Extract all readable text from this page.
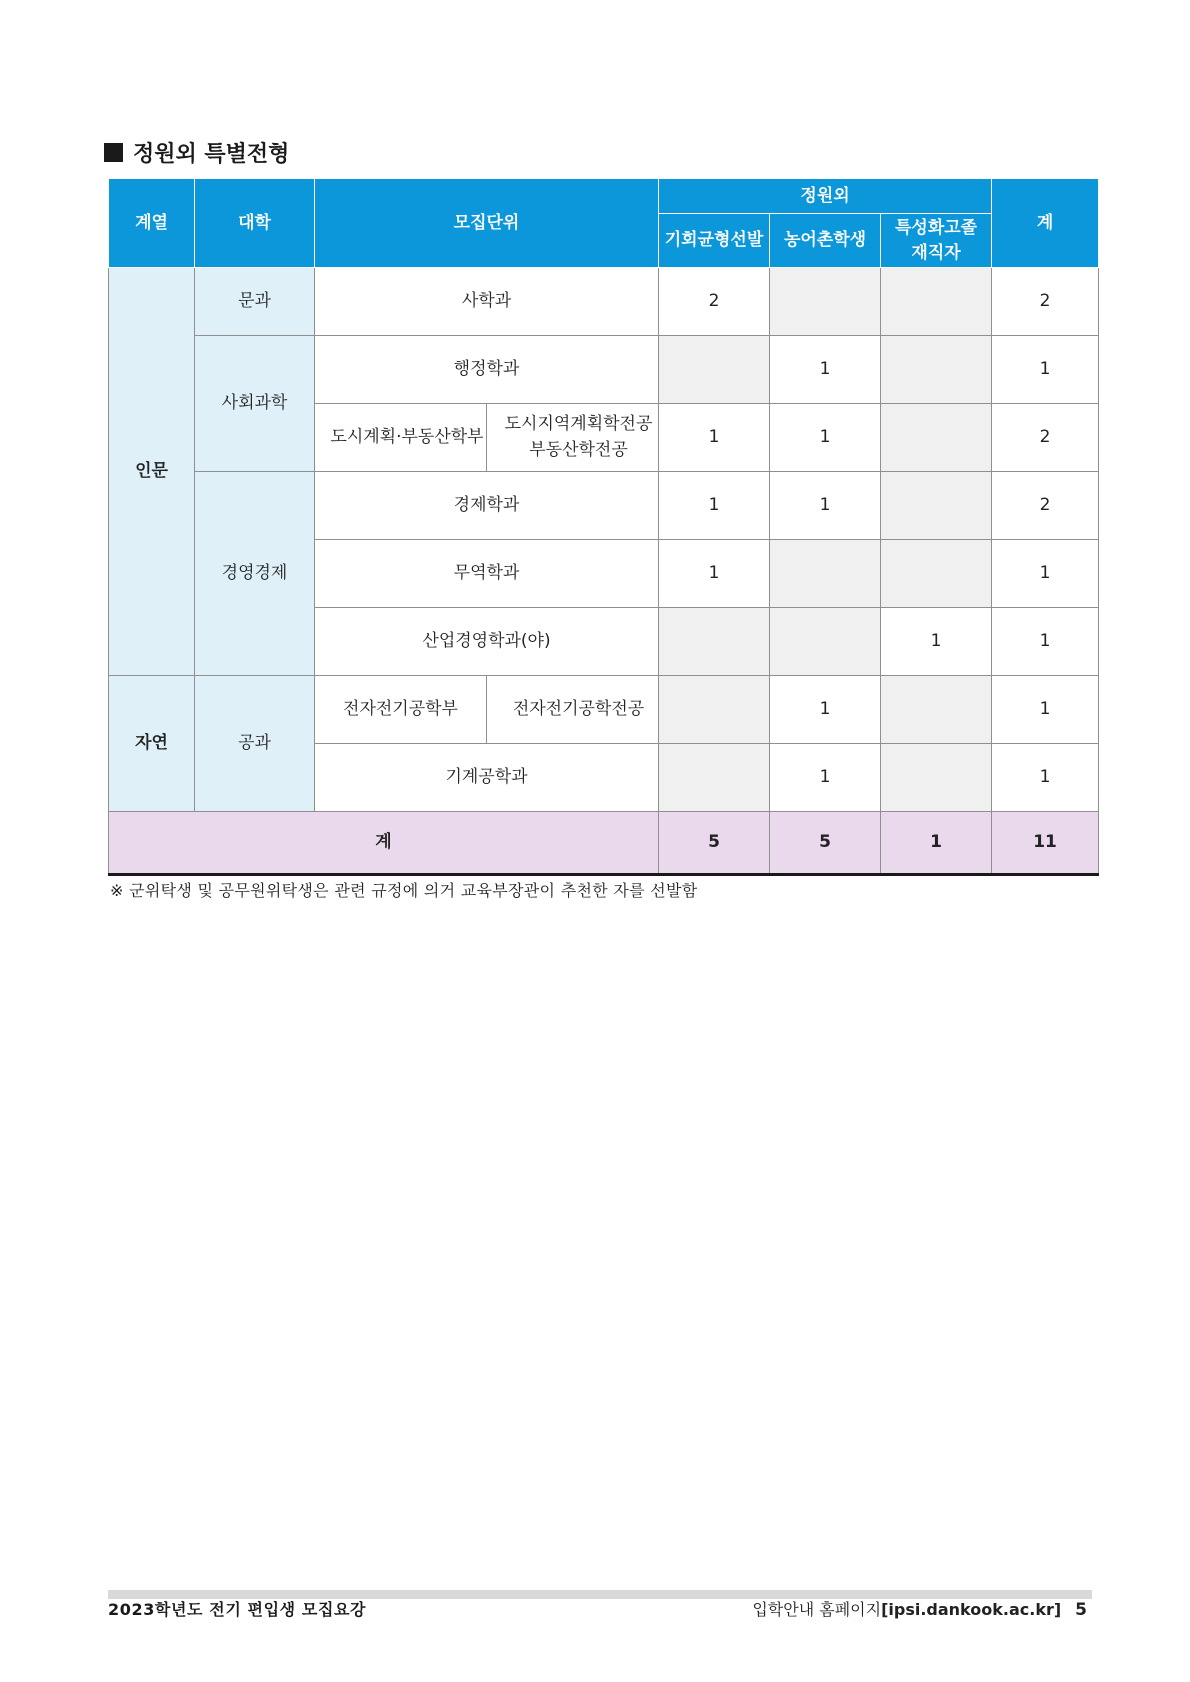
정원외 특별전형
계열	대학	모집단위		정원외			계
				기회균형선발	농어촌학생	특성화고졸 재직자	
인문	문과	사학과		2			2
	사회과학	행정학과			1		1
		도시계획·부동산학부	도시지역계획학전공 부동산학전공	1	1		2
	경영경제	경제학과		1	1		2
		무역학과		1			1
		산업경영학과(야)				1	1
자연	공과	전자전기공학부	전자전기공학전공		1		1
		기계공학과			1		1
계				5	5	1	11
※ 군위탁생 및 공무원위탁생은 관련 규정에 의거 교육부장관이 추천한 자를 선발함
2023학년도 전기 편입생 모집요강	입학안내 홈페이지[ipsi.dankook.ac.kr] 5
